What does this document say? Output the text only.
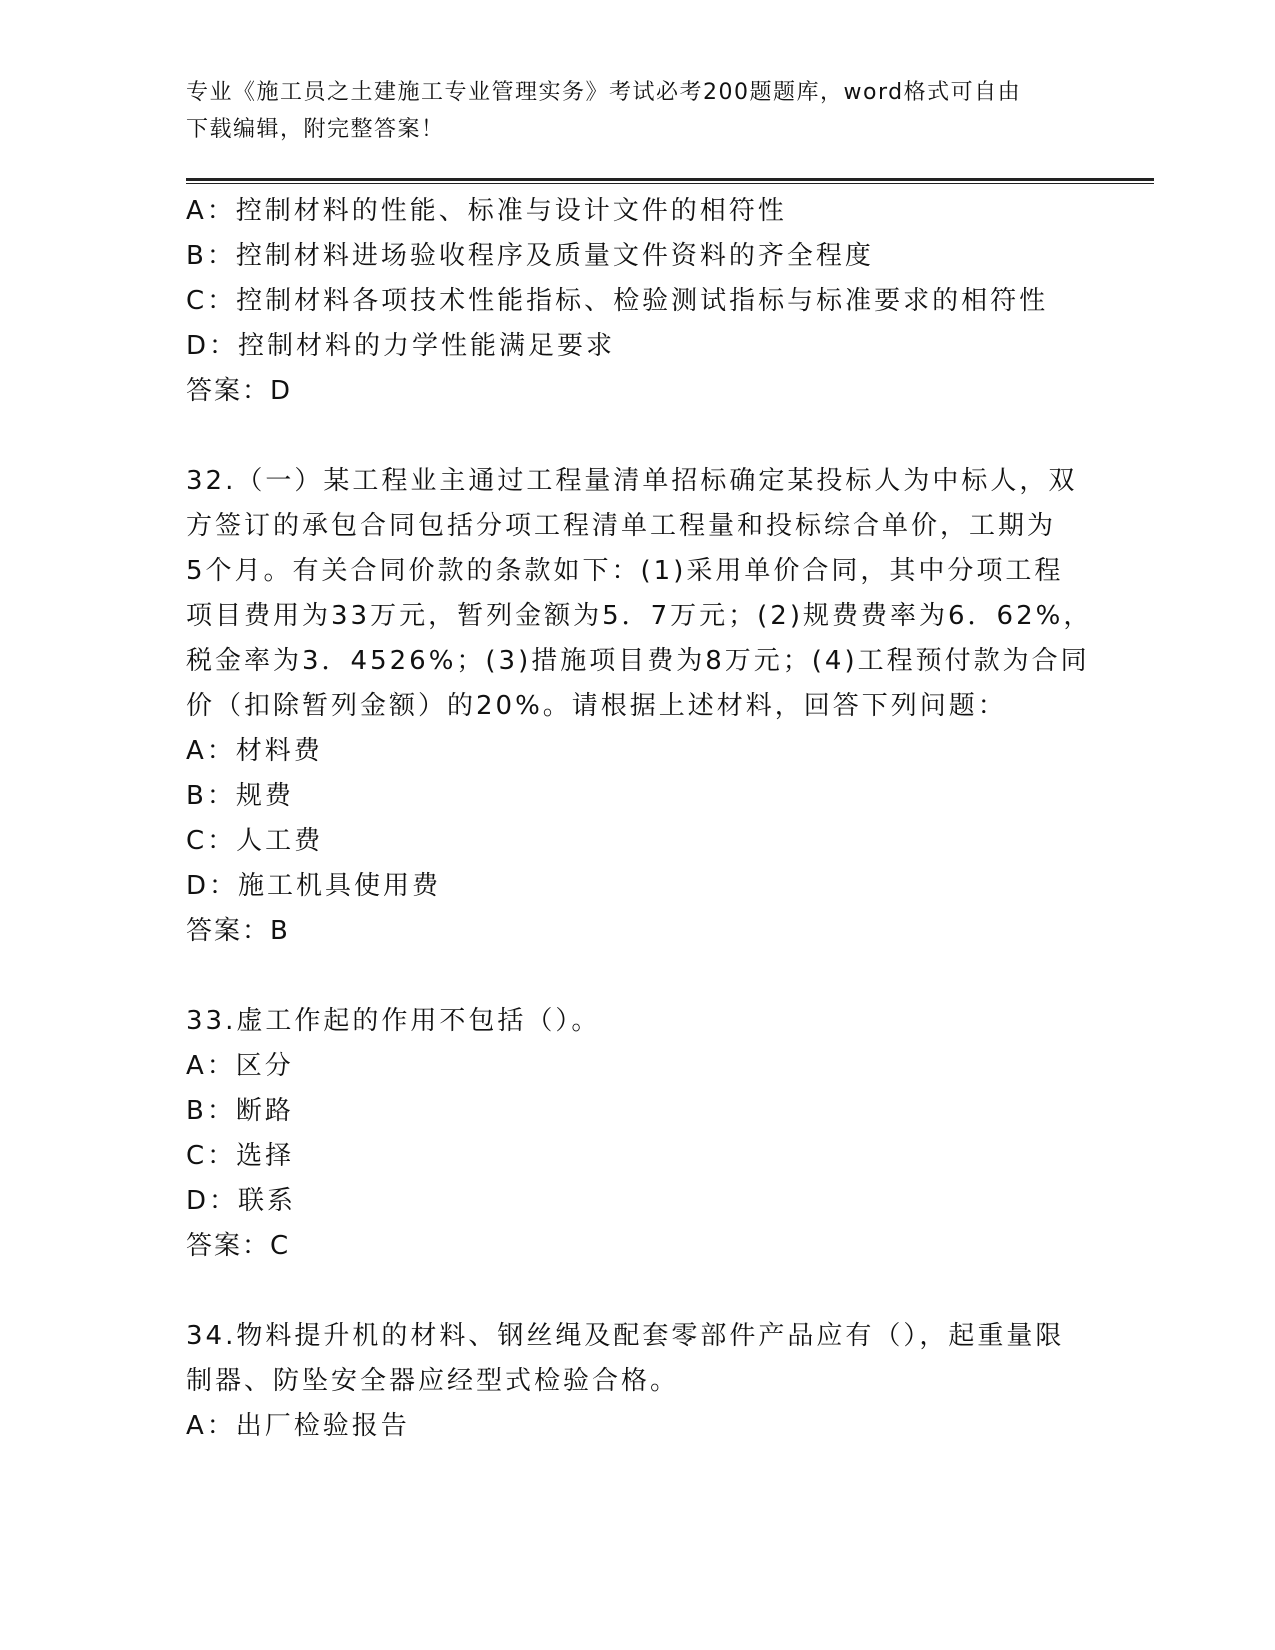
专业《施工员之土建施工专业管理实务》考试必考200题题库，word格式可自由
下载编辑，附完整答案！
A：控制材料的性能、标准与设计文件的相符性
B：控制材料进场验收程序及质量文件资料的齐全程度
C：控制材料各项技术性能指标、检验测试指标与标准要求的相符性
D：控制材料的力学性能满足要求
答案：D
32.（一）某工程业主通过工程量清单招标确定某投标人为中标人，双
方签订的承包合同包括分项工程清单工程量和投标综合单价，工期为
5个月。有关合同价款的条款如下：(1)采用单价合同，其中分项工程
项目费用为33万元，暂列金额为5．7万元；(2)规费费率为6．62%，
税金率为3．4526%；(3)措施项目费为8万元；(4)工程预付款为合同
价（扣除暂列金额）的20%。请根据上述材料，回答下列问题：
A：材料费
B：规费
C：人工费
D：施工机具使用费
答案：B
33.虚工作起的作用不包括（）。
A：区分
B：断路
C：选择
D：联系
答案：C
34.物料提升机的材料、钢丝绳及配套零部件产品应有（），起重量限
制器、防坠安全器应经型式检验合格。
A：出厂检验报告
